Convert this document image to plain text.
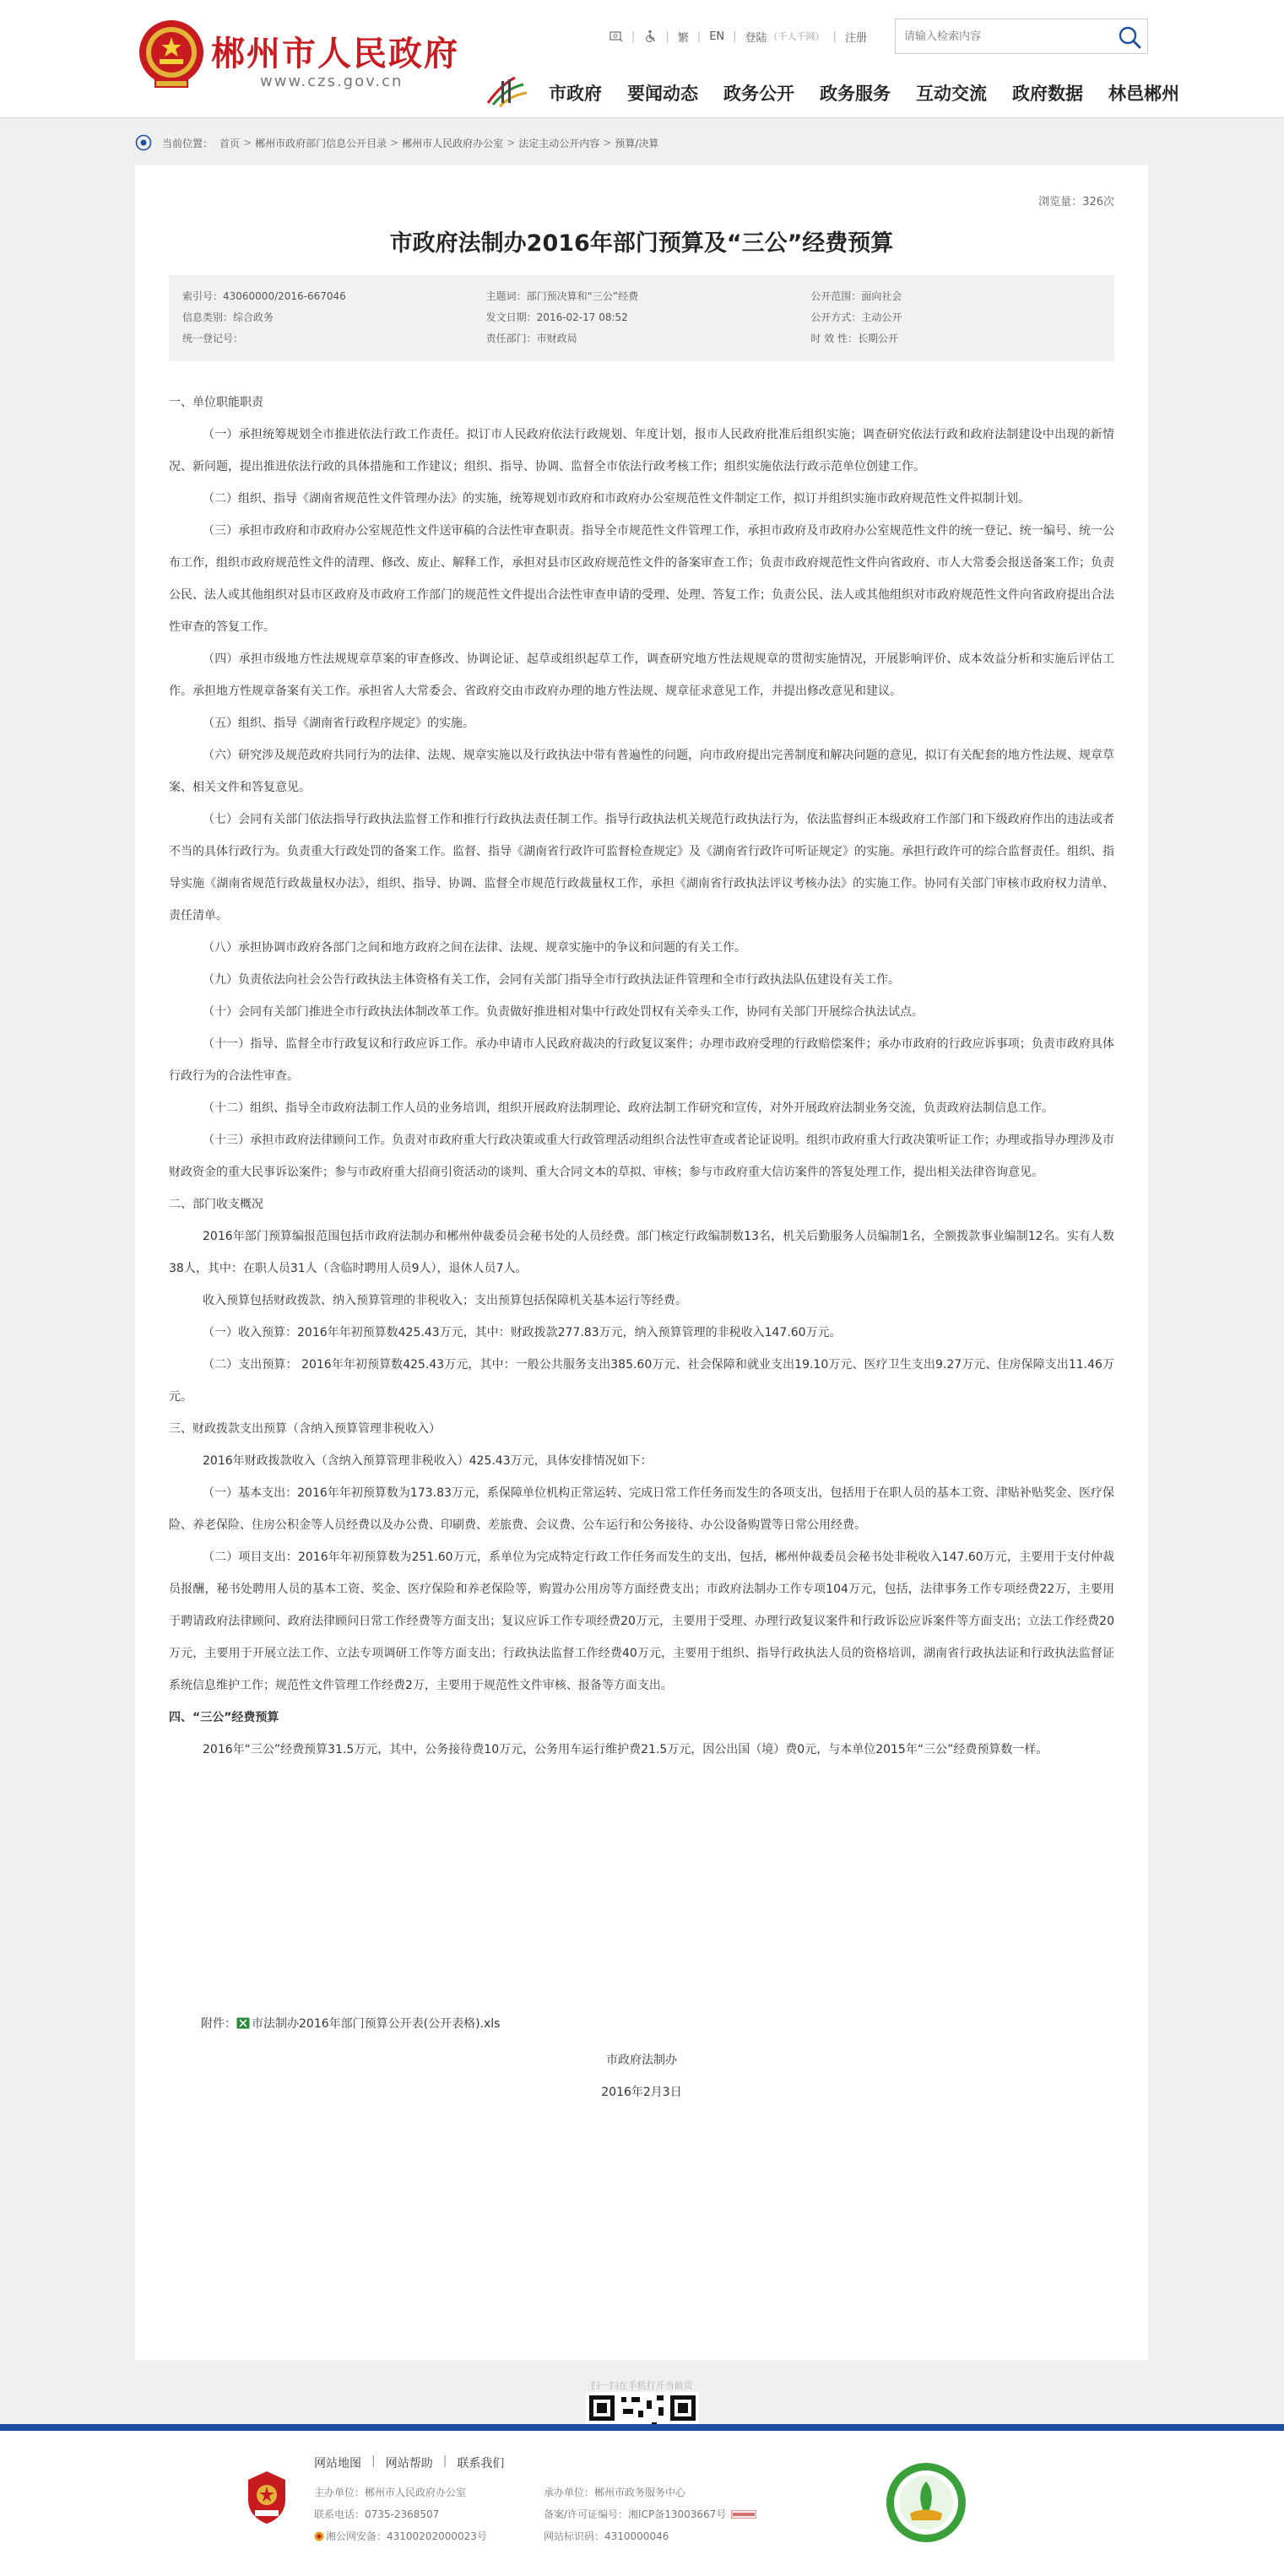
郴州市人民政府
www.czs.gov.cn
|	| 繁 | EN | 登陆 （千人千网） | 注册
请输入检索内容
市政府 要闻动态 政务公开 政务服务 互动交流 政府数据 林邑郴州
当前位置： 首页 > 郴州市政府部门信息公开目录 > 郴州市人民政府办公室 > 法定主动公开内容 > 预算/决算
浏览量：326次
市政府法制办2016年部门预算及“三公”经费预算
索引号：43060000/2016-667046	主题词：部门预决算和“三公”经费	公开范围：面向社会
信息类别：综合政务	发文日期：2016-02-17 08:52	公开方式：主动公开
统一登记号：	责任部门：市财政局	时 效 性：长期公开

一、单位职能职责

（一）承担统筹规划全市推进依法行政工作责任。拟订市人民政府依法行政规划、年度计划，报市人民政府批准后组织实施；调查研究依法行政和政府法制建设中出现的新情况、新问题，提出推进依法行政的具体措施和工作建议；组织、指导、协调、监督全市依法行政考核工作；组织实施依法行政示范单位创建工作。

（二）组织、指导《湖南省规范性文件管理办法》的实施，统筹规划市政府和市政府办公室规范性文件制定工作，拟订并组织实施市政府规范性文件拟制计划。

（三）承担市政府和市政府办公室规范性文件送审稿的合法性审查职责。指导全市规范性文件管理工作，承担市政府及市政府办公室规范性文件的统一登记、统一编号、统一公布工作，组织市政府规范性文件的清理、修改、废止、解释工作，承担对县市区政府规范性文件的备案审查工作；负责市政府规范性文件向省政府、市人大常委会报送备案工作；负责公民、法人或其他组织对县市区政府及市政府工作部门的规范性文件提出合法性审查申请的受理、处理、答复工作；负责公民、法人或其他组织对市政府规范性文件向省政府提出合法性审查的答复工作。

（四）承担市级地方性法规规章草案的审查修改、协调论证、起草或组织起草工作，调查研究地方性法规规章的贯彻实施情况，开展影响评价、成本效益分析和实施后评估工作。承担地方性规章备案有关工作。承担省人大常委会、省政府交由市政府办理的地方性法规、规章征求意见工作，并提出修改意见和建议。

（五）组织、指导《湖南省行政程序规定》的实施。

（六）研究涉及规范政府共同行为的法律、法规、规章实施以及行政执法中带有普遍性的问题，向市政府提出完善制度和解决问题的意见，拟订有关配套的地方性法规、规章草案、相关文件和答复意见。

（七）会同有关部门依法指导行政执法监督工作和推行行政执法责任制工作。指导行政执法机关规范行政执法行为，依法监督纠正本级政府工作部门和下级政府作出的违法或者不当的具体行政行为。负责重大行政处罚的备案工作。监督、指导《湖南省行政许可监督检查规定》及《湖南省行政许可听证规定》的实施。承担行政许可的综合监督责任。组织、指导实施《湖南省规范行政裁量权办法》，组织、指导、协调、监督全市规范行政裁量权工作，承担《湖南省行政执法评议考核办法》的实施工作。协同有关部门审核市政府权力清单、责任清单。

（八）承担协调市政府各部门之间和地方政府之间在法律、法规、规章实施中的争议和问题的有关工作。

（九）负责依法向社会公告行政执法主体资格有关工作，会同有关部门指导全市行政执法证件管理和全市行政执法队伍建设有关工作。

（十）会同有关部门推进全市行政执法体制改革工作。负责做好推进相对集中行政处罚权有关牵头工作，协同有关部门开展综合执法试点。

（十一）指导、监督全市行政复议和行政应诉工作。承办申请市人民政府裁决的行政复议案件；办理市政府受理的行政赔偿案件；承办市政府的行政应诉事项；负责市政府具体行政行为的合法性审查。

（十二）组织、指导全市政府法制工作人员的业务培训，组织开展政府法制理论、政府法制工作研究和宣传，对外开展政府法制业务交流，负责政府法制信息工作。

（十三）承担市政府法律顾问工作。负责对市政府重大行政决策或重大行政管理活动组织合法性审查或者论证说明。组织市政府重大行政决策听证工作；办理或指导办理涉及市财政资金的重大民事诉讼案件；参与市政府重大招商引资活动的谈判、重大合同文本的草拟、审核；参与市政府重大信访案件的答复处理工作，提出相关法律咨询意见。

二、部门收支概况

2016年部门预算编报范围包括市政府法制办和郴州仲裁委员会秘书处的人员经费。部门核定行政编制数13名，机关后勤服务人员编制1名，全额拨款事业编制12名。实有人数38人，其中：在职人员31人（含临时聘用人员9人），退休人员7人。

收入预算包括财政拨款、纳入预算管理的非税收入；支出预算包括保障机关基本运行等经费。

（一）收入预算：2016年年初预算数425.43万元，其中：财政拨款277.83万元，纳入预算管理的非税收入147.60万元。

（二）支出预算： 2016年年初预算数425.43万元，其中：一般公共服务支出385.60万元、社会保障和就业支出19.10万元、医疗卫生支出9.27万元、住房保障支出11.46万元。

三、财政拨款支出预算（含纳入预算管理非税收入）

2016年财政拨款收入（含纳入预算管理非税收入）425.43万元，具体安排情况如下：

（一）基本支出：2016年年初预算数为173.83万元，系保障单位机构正常运转、完成日常工作任务而发生的各项支出，包括用于在职人员的基本工资、津贴补贴奖金、医疗保险、养老保险、住房公积金等人员经费以及办公费、印刷费、差旅费、会议费、公车运行和公务接待、办公设备购置等日常公用经费。

（二）项目支出：2016年年初预算数为251.60万元，系单位为完成特定行政工作任务而发生的支出，包括，郴州仲裁委员会秘书处非税收入147.60万元，主要用于支付仲裁员报酬，秘书处聘用人员的基本工资、奖金、医疗保险和养老保险等，购置办公用房等方面经费支出；市政府法制办工作专项104万元，包括，法律事务工作专项经费22万，主要用于聘请政府法律顾问、政府法律顾问日常工作经费等方面支出；复议应诉工作专项经费20万元，主要用于受理、办理行政复议案件和行政诉讼应诉案件等方面支出；立法工作经费20万元，主要用于开展立法工作、立法专项调研工作等方面支出；行政执法监督工作经费40万元，主要用于组织、指导行政执法人员的资格培训，湖南省行政执法证和行政执法监督证系统信息维护工作；规范性文件管理工作经费2万，主要用于规范性文件审核、报备等方面支出。

四、“三公”经费预算

2016年“三公”经费预算31.5万元，其中，公务接待费10万元，公务用车运行维护费21.5万元，因公出国（境）费0元，与本单位2015年“三公”经费预算数一样。

附件： 市法制办2016年部门预算公开表(公开表格).xls
市政府法制办
2016年2月3日
扫一扫在手机打开当前页
网站地图 | 网站帮助 | 联系我们
主办单位：郴州市人民政府办公室
联系电话：0735-2368507
湘公网安备：43100202000023号
承办单位：郴州市政务服务中心
备案/许可证编号：湘ICP备13003667号
网站标识码：4310000046
